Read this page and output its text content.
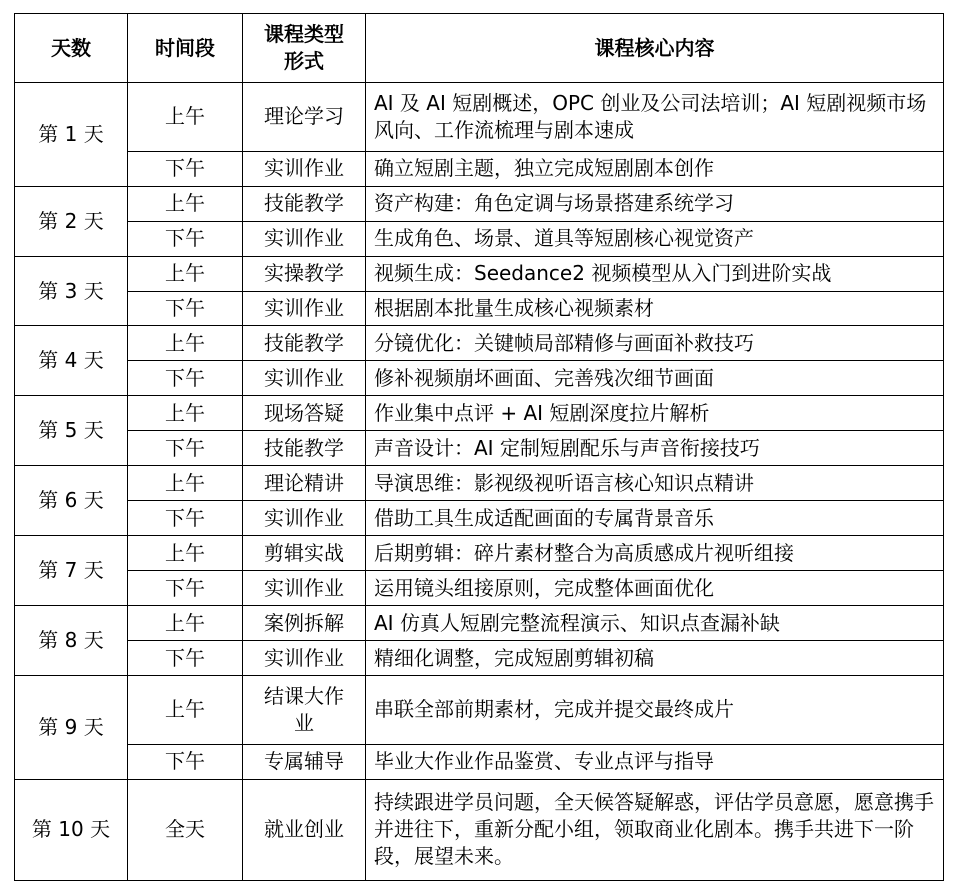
天数	时间段	课程类型形式	课程核心内容
第 1 天	上午	理论学习	AI 及 AI 短剧概述，OPC 创业及公司法培训；AI 短剧视频市场风向、工作流梳理与剧本速成
	下午	实训作业	确立短剧主题，独立完成短剧剧本创作
第 2 天	上午	技能教学	资产构建：角色定调与场景搭建系统学习
	下午	实训作业	生成角色、场景、道具等短剧核心视觉资产
第 3 天	上午	实操教学	视频生成：Seedance2 视频模型从入门到进阶实战
	下午	实训作业	根据剧本批量生成核心视频素材
第 4 天	上午	技能教学	分镜优化：关键帧局部精修与画面补救技巧
	下午	实训作业	修补视频崩坏画面、完善残次细节画面
第 5 天	上午	现场答疑	作业集中点评 + AI 短剧深度拉片解析
	下午	技能教学	声音设计：AI 定制短剧配乐与声音衔接技巧
第 6 天	上午	理论精讲	导演思维：影视级视听语言核心知识点精讲
	下午	实训作业	借助工具生成适配画面的专属背景音乐
第 7 天	上午	剪辑实战	后期剪辑：碎片素材整合为高质感成片视听组接
	下午	实训作业	运用镜头组接原则，完成整体画面优化
第 8 天	上午	案例拆解	AI 仿真人短剧完整流程演示、知识点查漏补缺
	下午	实训作业	精细化调整，完成短剧剪辑初稿
第 9 天	上午	结课大作业	串联全部前期素材，完成并提交最终成片
	下午	专属辅导	毕业大作业作品鉴赏、专业点评与指导
第 10 天	全天	就业创业	持续跟进学员问题，全天候答疑解惑，评估学员意愿，愿意携手并进往下，重新分配小组，领取商业化剧本。携手共进下一阶段，展望未来。
